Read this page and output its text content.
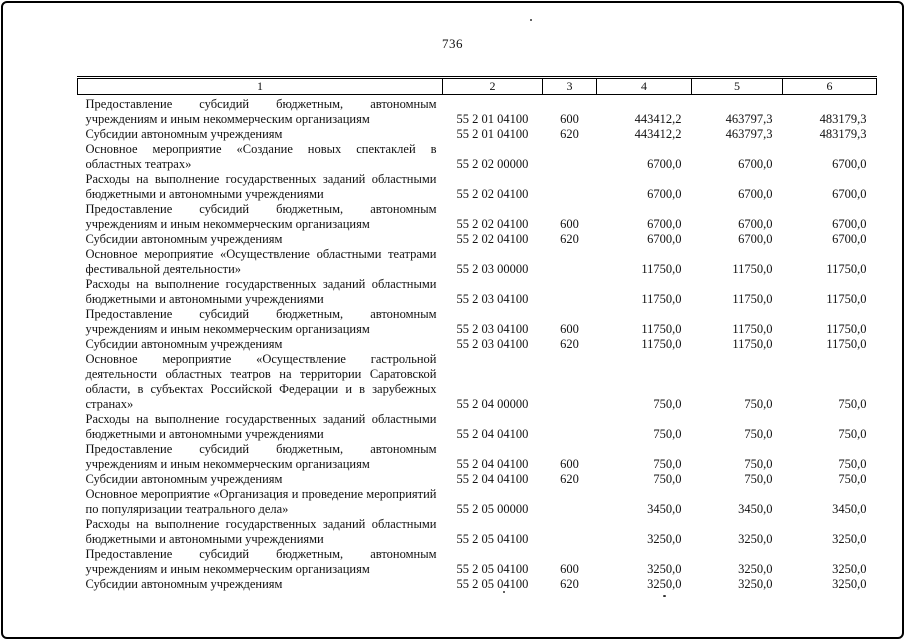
736
1	2	3	4	5	6
Предоставление субсидий бюджетным, автономным учреждениям и иным некоммерческим организациям	55 2 01 04100	600	443412,2	463797,3	483179,3
Субсидии автономным учреждениям	55 2 01 04100	620	443412,2	463797,3	483179,3
Основное мероприятие «Создание новых спектаклей в областных театрах»	55 2 02 00000		6700,0	6700,0	6700,0
Расходы на выполнение государственных заданий областными бюджетными и автономными учреждениями	55 2 02 04100		6700,0	6700,0	6700,0
Предоставление субсидий бюджетным, автономным учреждениям и иным некоммерческим организациям	55 2 02 04100	600	6700,0	6700,0	6700,0
Субсидии автономным учреждениям	55 2 02 04100	620	6700,0	6700,0	6700,0
Основное мероприятие «Осуществление областными театрами фестивальной деятельности»	55 2 03 00000		11750,0	11750,0	11750,0
Расходы на выполнение государственных заданий областными бюджетными и автономными учреждениями	55 2 03 04100		11750,0	11750,0	11750,0
Предоставление субсидий бюджетным, автономным учреждениям и иным некоммерческим организациям	55 2 03 04100	600	11750,0	11750,0	11750,0
Субсидии автономным учреждениям	55 2 03 04100	620	11750,0	11750,0	11750,0
Основное мероприятие «Осуществление гастрольной деятельности областных театров на территории Саратовской области, в субъектах Российской Федерации и в зарубежных странах»	55 2 04 00000		750,0	750,0	750,0
Расходы на выполнение государственных заданий областными бюджетными и автономными учреждениями	55 2 04 04100		750,0	750,0	750,0
Предоставление субсидий бюджетным, автономным учреждениям и иным некоммерческим организациям	55 2 04 04100	600	750,0	750,0	750,0
Субсидии автономным учреждениям	55 2 04 04100	620	750,0	750,0	750,0
Основное мероприятие «Организация и проведение мероприятий по популяризации театрального дела»	55 2 05 00000		3450,0	3450,0	3450,0
Расходы на выполнение государственных заданий областными бюджетными и автономными учреждениями	55 2 05 04100		3250,0	3250,0	3250,0
Предоставление субсидий бюджетным, автономным учреждениям и иным некоммерческим организациям	55 2 05 04100	600	3250,0	3250,0	3250,0
Субсидии автономным учреждениям	55 2 05 04100	620	3250,0	3250,0	3250,0
